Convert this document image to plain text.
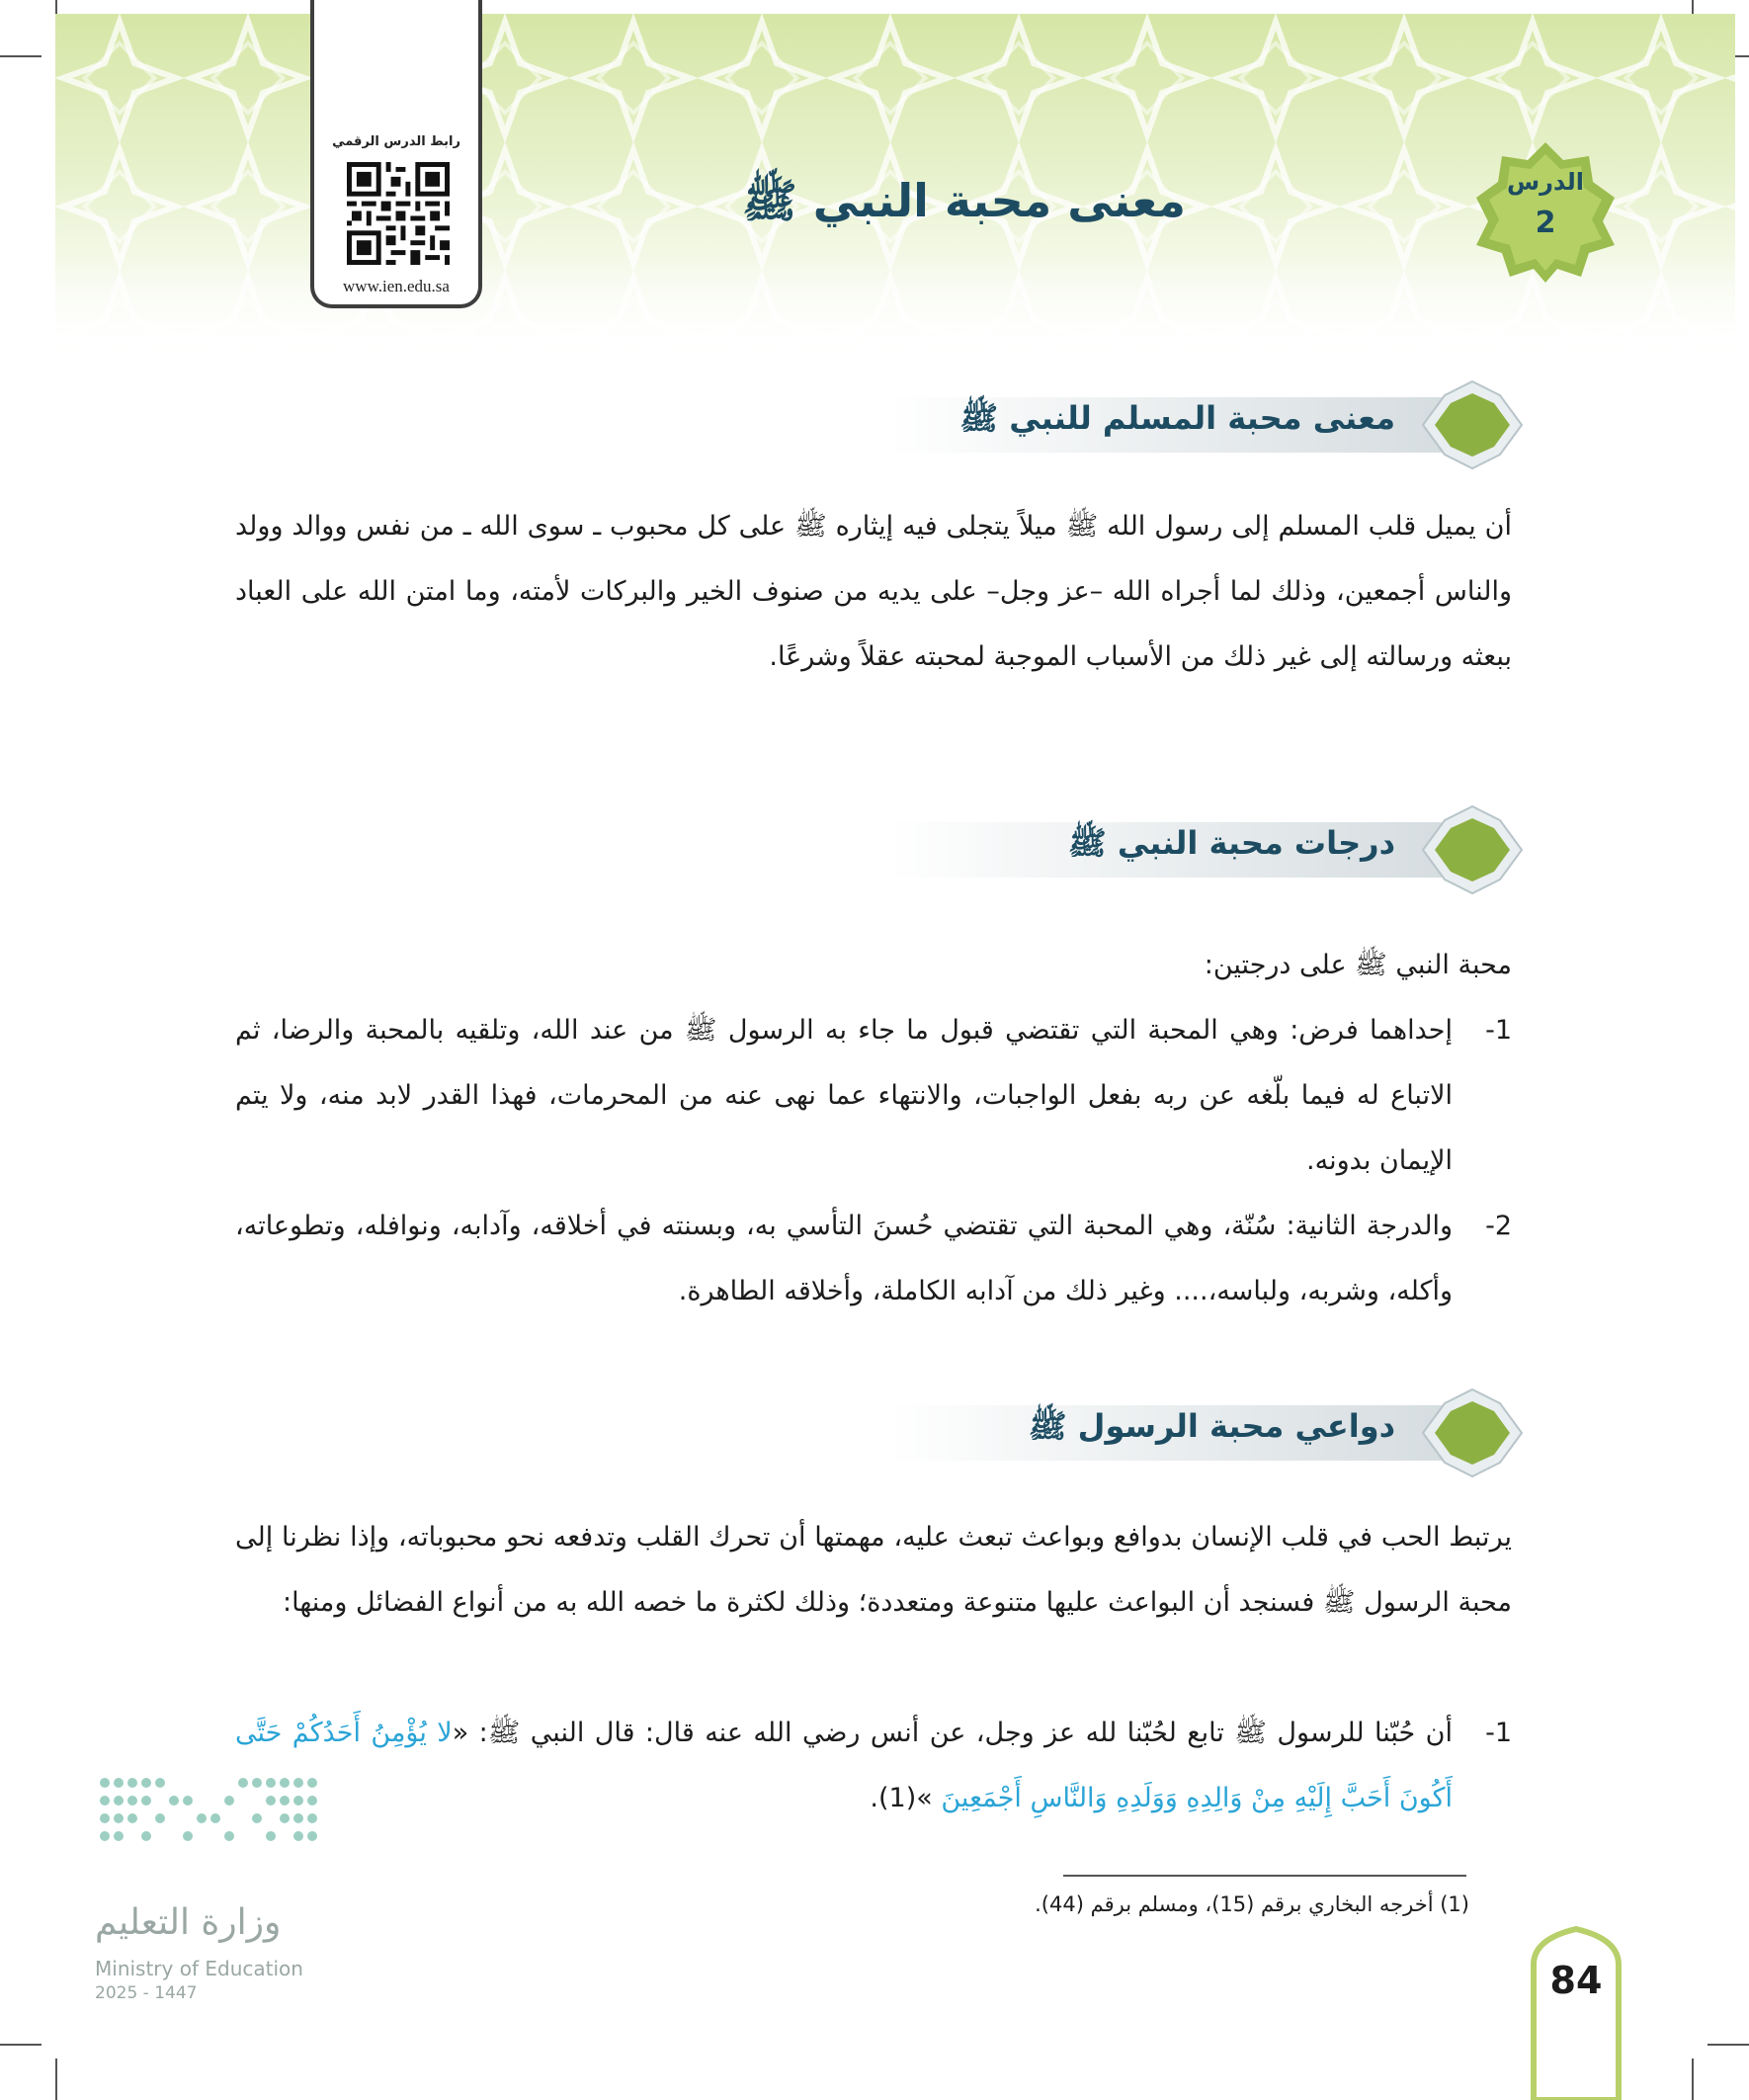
رابط الدرس الرقمي
www.ien.edu.sa
معنى محبة النبي ﷺ	الدرس
2
معنى محبة المسلم للنبي ﷺ
أن يميل قلب المسلم إلى رسول الله ﷺ ميلاً يتجلى فيه إيثاره ﷺ على كل محبوب ـ سوى الله ـ من نفس ووالد وولد والناس أجمعين، وذلك لما أجراه الله –عز وجل– على يديه من صنوف الخير والبركات لأمته، وما امتن الله على العباد ببعثه ورسالته إلى غير ذلك من الأسباب الموجبة لمحبته عقلاً وشرعًا.
درجات محبة النبي ﷺ
محبة النبي ﷺ على درجتين:
1-
إحداهما فرض: وهي المحبة التي تقتضي قبول ما جاء به الرسول ﷺ من عند الله، وتلقيه بالمحبة والرضا، ثم الاتباع له فيما بلّغه عن ربه بفعل الواجبات، والانتهاء عما نهى عنه من المحرمات، فهذا القدر لابد منه، ولا يتم الإيمان بدونه.
2-
والدرجة الثانية: سُنّة، وهي المحبة التي تقتضي حُسنَ التأسي به، وبسنته في أخلاقه، وآدابه، ونوافله، وتطوعاته، وأكله، وشربه، ولباسه،.... وغير ذلك من آدابه الكاملة، وأخلاقه الطاهرة.
دواعي محبة الرسول ﷺ
يرتبط الحب في قلب الإنسان بدوافع وبواعث تبعث عليه، مهمتها أن تحرك القلب وتدفعه نحو محبوباته، وإذا نظرنا إلى محبة الرسول ﷺ فسنجد أن البواعث عليها متنوعة ومتعددة؛ وذلك لكثرة ما خصه الله به من أنواع الفضائل ومنها:
1-
أن حُبّنا للرسول ﷺ تابع لحُبّنا لله عز وجل، عن أنس رضي الله عنه قال: قال النبي ﷺ: «لا يُؤْمِنُ أَحَدُكُمْ حَتَّى أَكُونَ أَحَبَّ إِلَيْهِ مِنْ وَالِدِهِ وَوَلَدِهِ وَالنَّاسِ أَجْمَعِينَ »(1).
(1) أخرجه البخاري برقم (15)، ومسلم برقم (44).
وزارة التعليم
Ministry of Education
2025 - 1447	84
